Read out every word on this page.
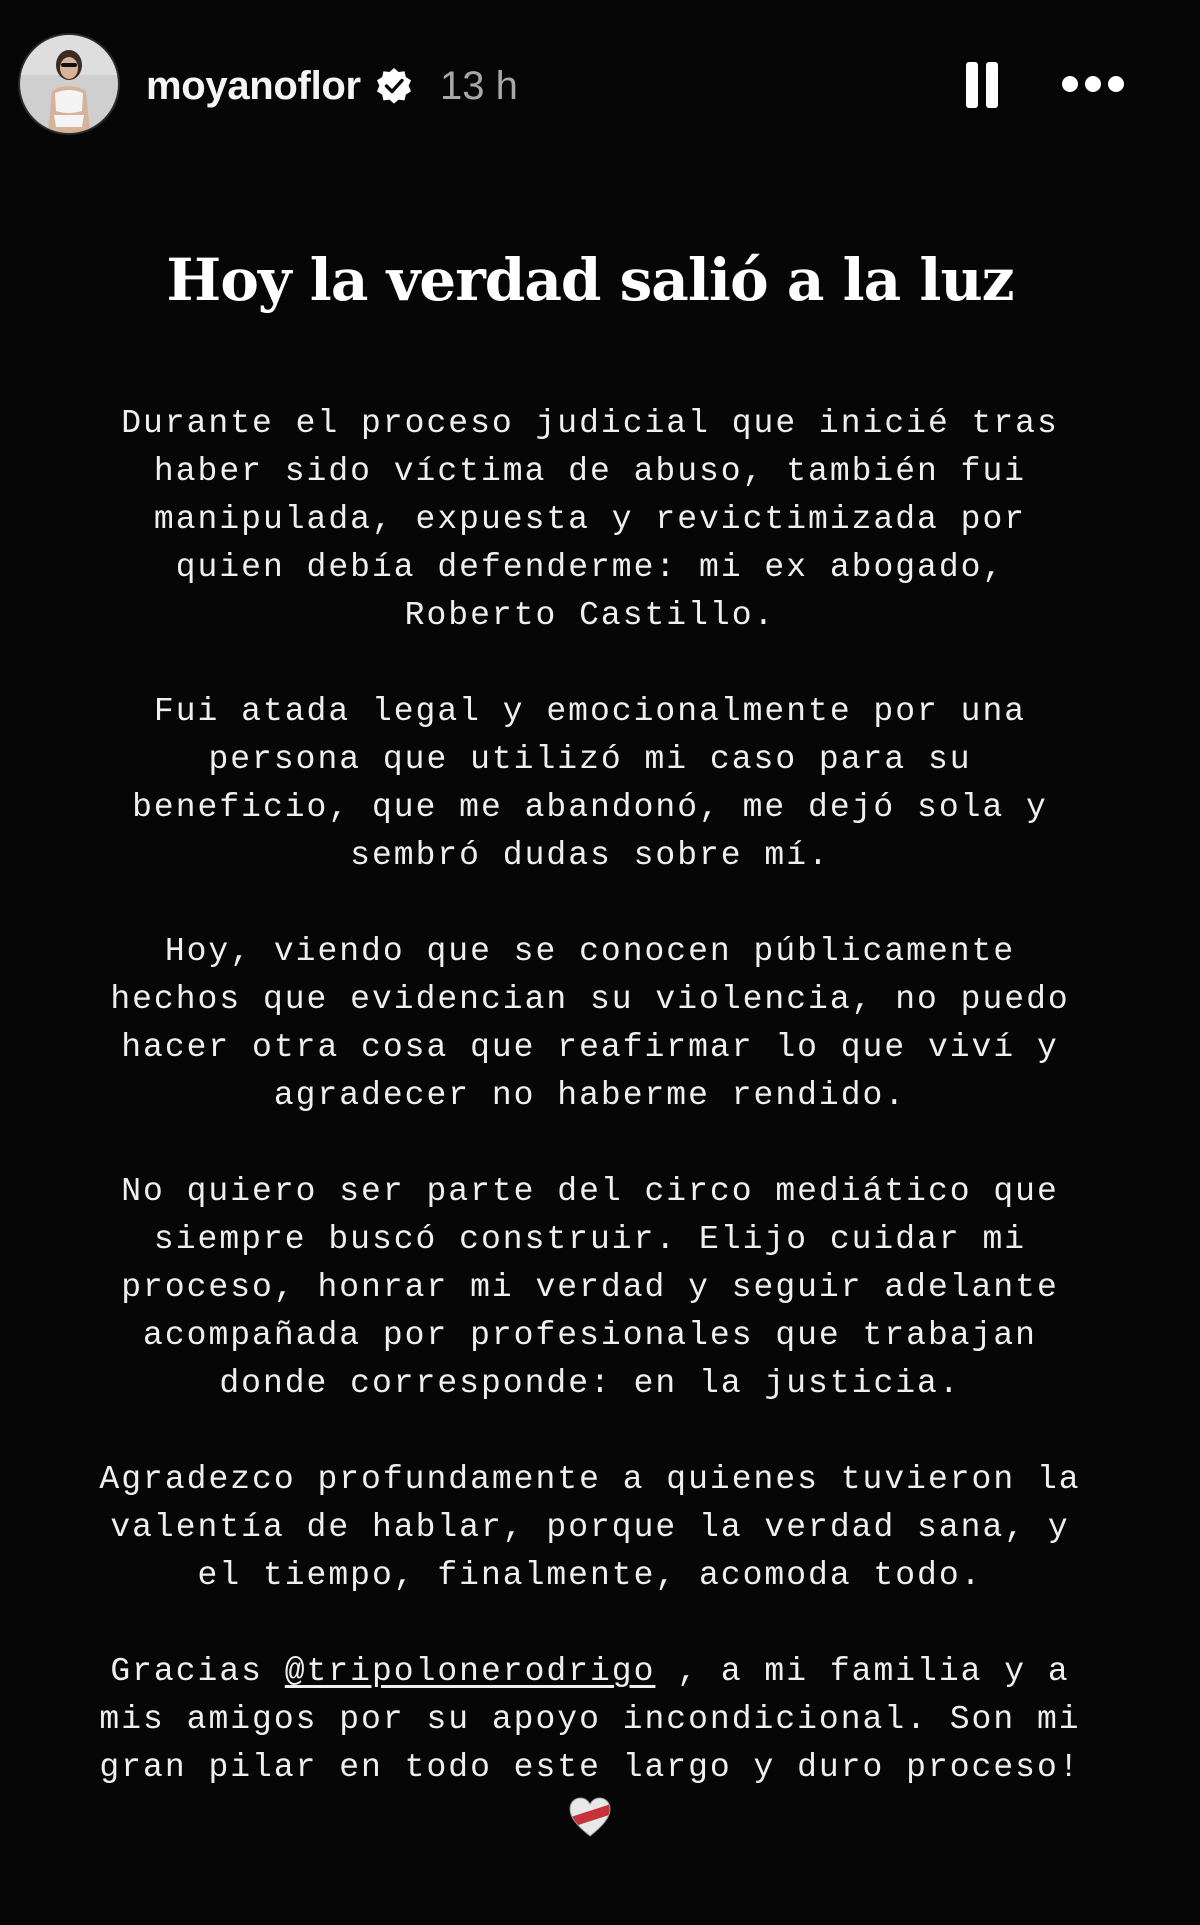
moyanoflor 13 h
Hoy la verdad salió a la luz
Durante el proceso judicial que inicié tras
haber sido víctima de abuso, también fui
manipulada, expuesta y revictimizada por
quien debía defenderme: mi ex abogado,
Roberto Castillo.
Fui atada legal y emocionalmente por una
persona que utilizó mi caso para su
beneficio, que me abandonó, me dejó sola y
sembró dudas sobre mí.
Hoy, viendo que se conocen públicamente
hechos que evidencian su violencia, no puedo
hacer otra cosa que reafirmar lo que viví y
agradecer no haberme rendido.
No quiero ser parte del circo mediático que
siempre buscó construir. Elijo cuidar mi
proceso, honrar mi verdad y seguir adelante
acompañada por profesionales que trabajan
donde corresponde: en la justicia.
Agradezco profundamente a quienes tuvieron la
valentía de hablar, porque la verdad sana, y
el tiempo, finalmente, acomoda todo.
Gracias @tripolonerodrigo , a mi familia y a
mis amigos por su apoyo incondicional. Son mi
gran pilar en todo este largo y duro proceso!
